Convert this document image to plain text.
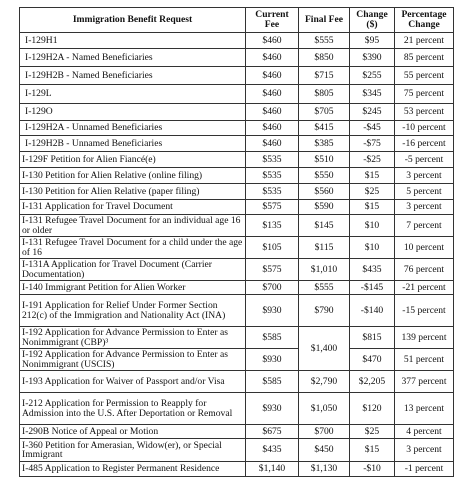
Immigration Benefit Request	Current Fee	Final Fee	Change ($)	Percentage Change
I-129H1	$460	$555	$95	21 percent
I-129H2A - Named Beneficiaries	$460	$850	$390	85 percent
I-129H2B - Named Beneficiaries	$460	$715	$255	55 percent
I-129L	$460	$805	$345	75 percent
I-129O	$460	$705	$245	53 percent
I-129H2A - Unnamed Beneficiaries	$460	$415	-$45	-10 percent
I-129H2B - Unnamed Beneficiaries	$460	$385	-$75	-16 percent
I-129F Petition for Alien Fiancé(e)	$535	$510	-$25	-5 percent
I-130 Petition for Alien Relative (online filing)	$535	$550	$15	3 percent
I-130 Petition for Alien Relative (paper filing)	$535	$560	$25	5 percent
I-131 Application for Travel Document	$575	$590	$15	3 percent
I-131 Refugee Travel Document for an individual age 16 or older	$135	$145	$10	7 percent
I-131 Refugee Travel Document for a child under the age of 16	$105	$115	$10	10 percent
I-131A Application for Travel Document (Carrier Documentation)	$575	$1,010	$435	76 percent
I-140 Immigrant Petition for Alien Worker	$700	$555	-$145	-21 percent
I-191 Application for Relief Under Former Section 212(c) of the Immigration and Nationality Act (INA)	$930	$790	-$140	-15 percent
I-192 Application for Advance Permission to Enter as Nonimmigrant (CBP)³	$585	$1,400	$815	139 percent
I-192 Application for Advance Permission to Enter as Nonimmigrant (USCIS)	$930		$470	51 percent
I-193 Application for Waiver of Passport and/or Visa	$585	$2,790	$2,205	377 percent
I-212 Application for Permission to Reapply for Admission into the U.S. After Deportation or Removal	$930	$1,050	$120	13 percent
I-290B Notice of Appeal or Motion	$675	$700	$25	4 percent
I-360 Petition for Amerasian, Widow(er), or Special Immigrant	$435	$450	$15	3 percent
I-485 Application to Register Permanent Residence	$1,140	$1,130	-$10	-1 percent
